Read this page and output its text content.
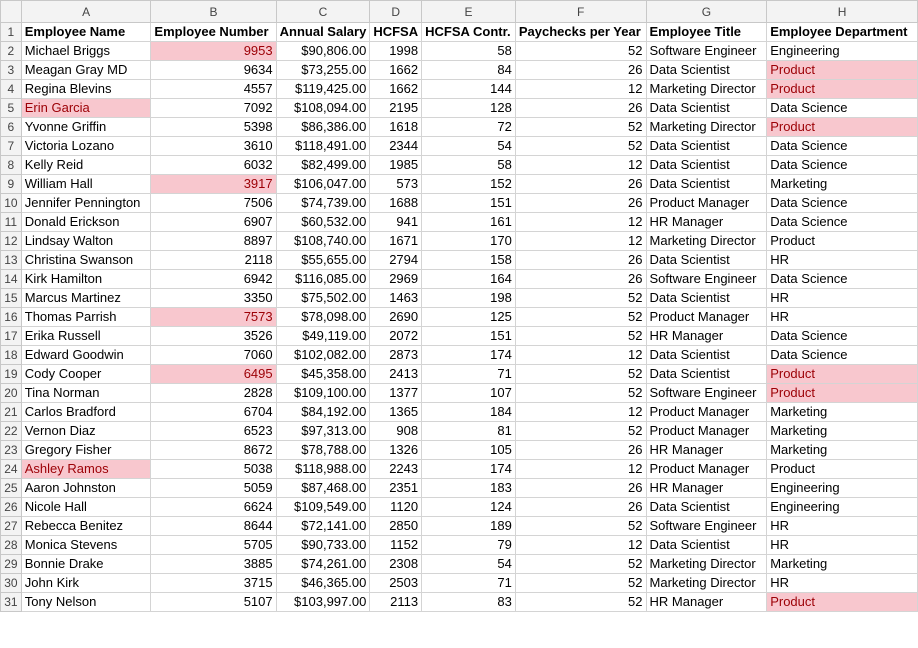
	A	B	C	D	E	F	G	H
1	Employee Name	Employee Number	Annual Salary	HCFSA	HCFSA Contr.	Paychecks per Year	Employee Title	Employee Department
2	Michael Briggs	9953	$90,806.00	1998	58	52	Software Engineer	Engineering
3	Meagan Gray MD	9634	$73,255.00	1662	84	26	Data Scientist	Product
4	Regina Blevins	4557	$119,425.00	1662	144	12	Marketing Director	Product
5	Erin Garcia	7092	$108,094.00	2195	128	26	Data Scientist	Data Science
6	Yvonne Griffin	5398	$86,386.00	1618	72	52	Marketing Director	Product
7	Victoria Lozano	3610	$118,491.00	2344	54	52	Data Scientist	Data Science
8	Kelly Reid	6032	$82,499.00	1985	58	12	Data Scientist	Data Science
9	William Hall	3917	$106,047.00	573	152	26	Data Scientist	Marketing
10	Jennifer Pennington	7506	$74,739.00	1688	151	26	Product Manager	Data Science
11	Donald Erickson	6907	$60,532.00	941	161	12	HR Manager	Data Science
12	Lindsay Walton	8897	$108,740.00	1671	170	12	Marketing Director	Product
13	Christina Swanson	2118	$55,655.00	2794	158	26	Data Scientist	HR
14	Kirk Hamilton	6942	$116,085.00	2969	164	26	Software Engineer	Data Science
15	Marcus Martinez	3350	$75,502.00	1463	198	52	Data Scientist	HR
16	Thomas Parrish	7573	$78,098.00	2690	125	52	Product Manager	HR
17	Erika Russell	3526	$49,119.00	2072	151	52	HR Manager	Data Science
18	Edward Goodwin	7060	$102,082.00	2873	174	12	Data Scientist	Data Science
19	Cody Cooper	6495	$45,358.00	2413	71	52	Data Scientist	Product
20	Tina Norman	2828	$109,100.00	1377	107	52	Software Engineer	Product
21	Carlos Bradford	6704	$84,192.00	1365	184	12	Product Manager	Marketing
22	Vernon Diaz	6523	$97,313.00	908	81	52	Product Manager	Marketing
23	Gregory Fisher	8672	$78,788.00	1326	105	26	HR Manager	Marketing
24	Ashley Ramos	5038	$118,988.00	2243	174	12	Product Manager	Product
25	Aaron Johnston	5059	$87,468.00	2351	183	26	HR Manager	Engineering
26	Nicole Hall	6624	$109,549.00	1120	124	26	Data Scientist	Engineering
27	Rebecca Benitez	8644	$72,141.00	2850	189	52	Software Engineer	HR
28	Monica Stevens	5705	$90,733.00	1152	79	12	Data Scientist	HR
29	Bonnie Drake	3885	$74,261.00	2308	54	52	Marketing Director	Marketing
30	John Kirk	3715	$46,365.00	2503	71	52	Marketing Director	HR
31	Tony Nelson	5107	$103,997.00	2113	83	52	HR Manager	Product
